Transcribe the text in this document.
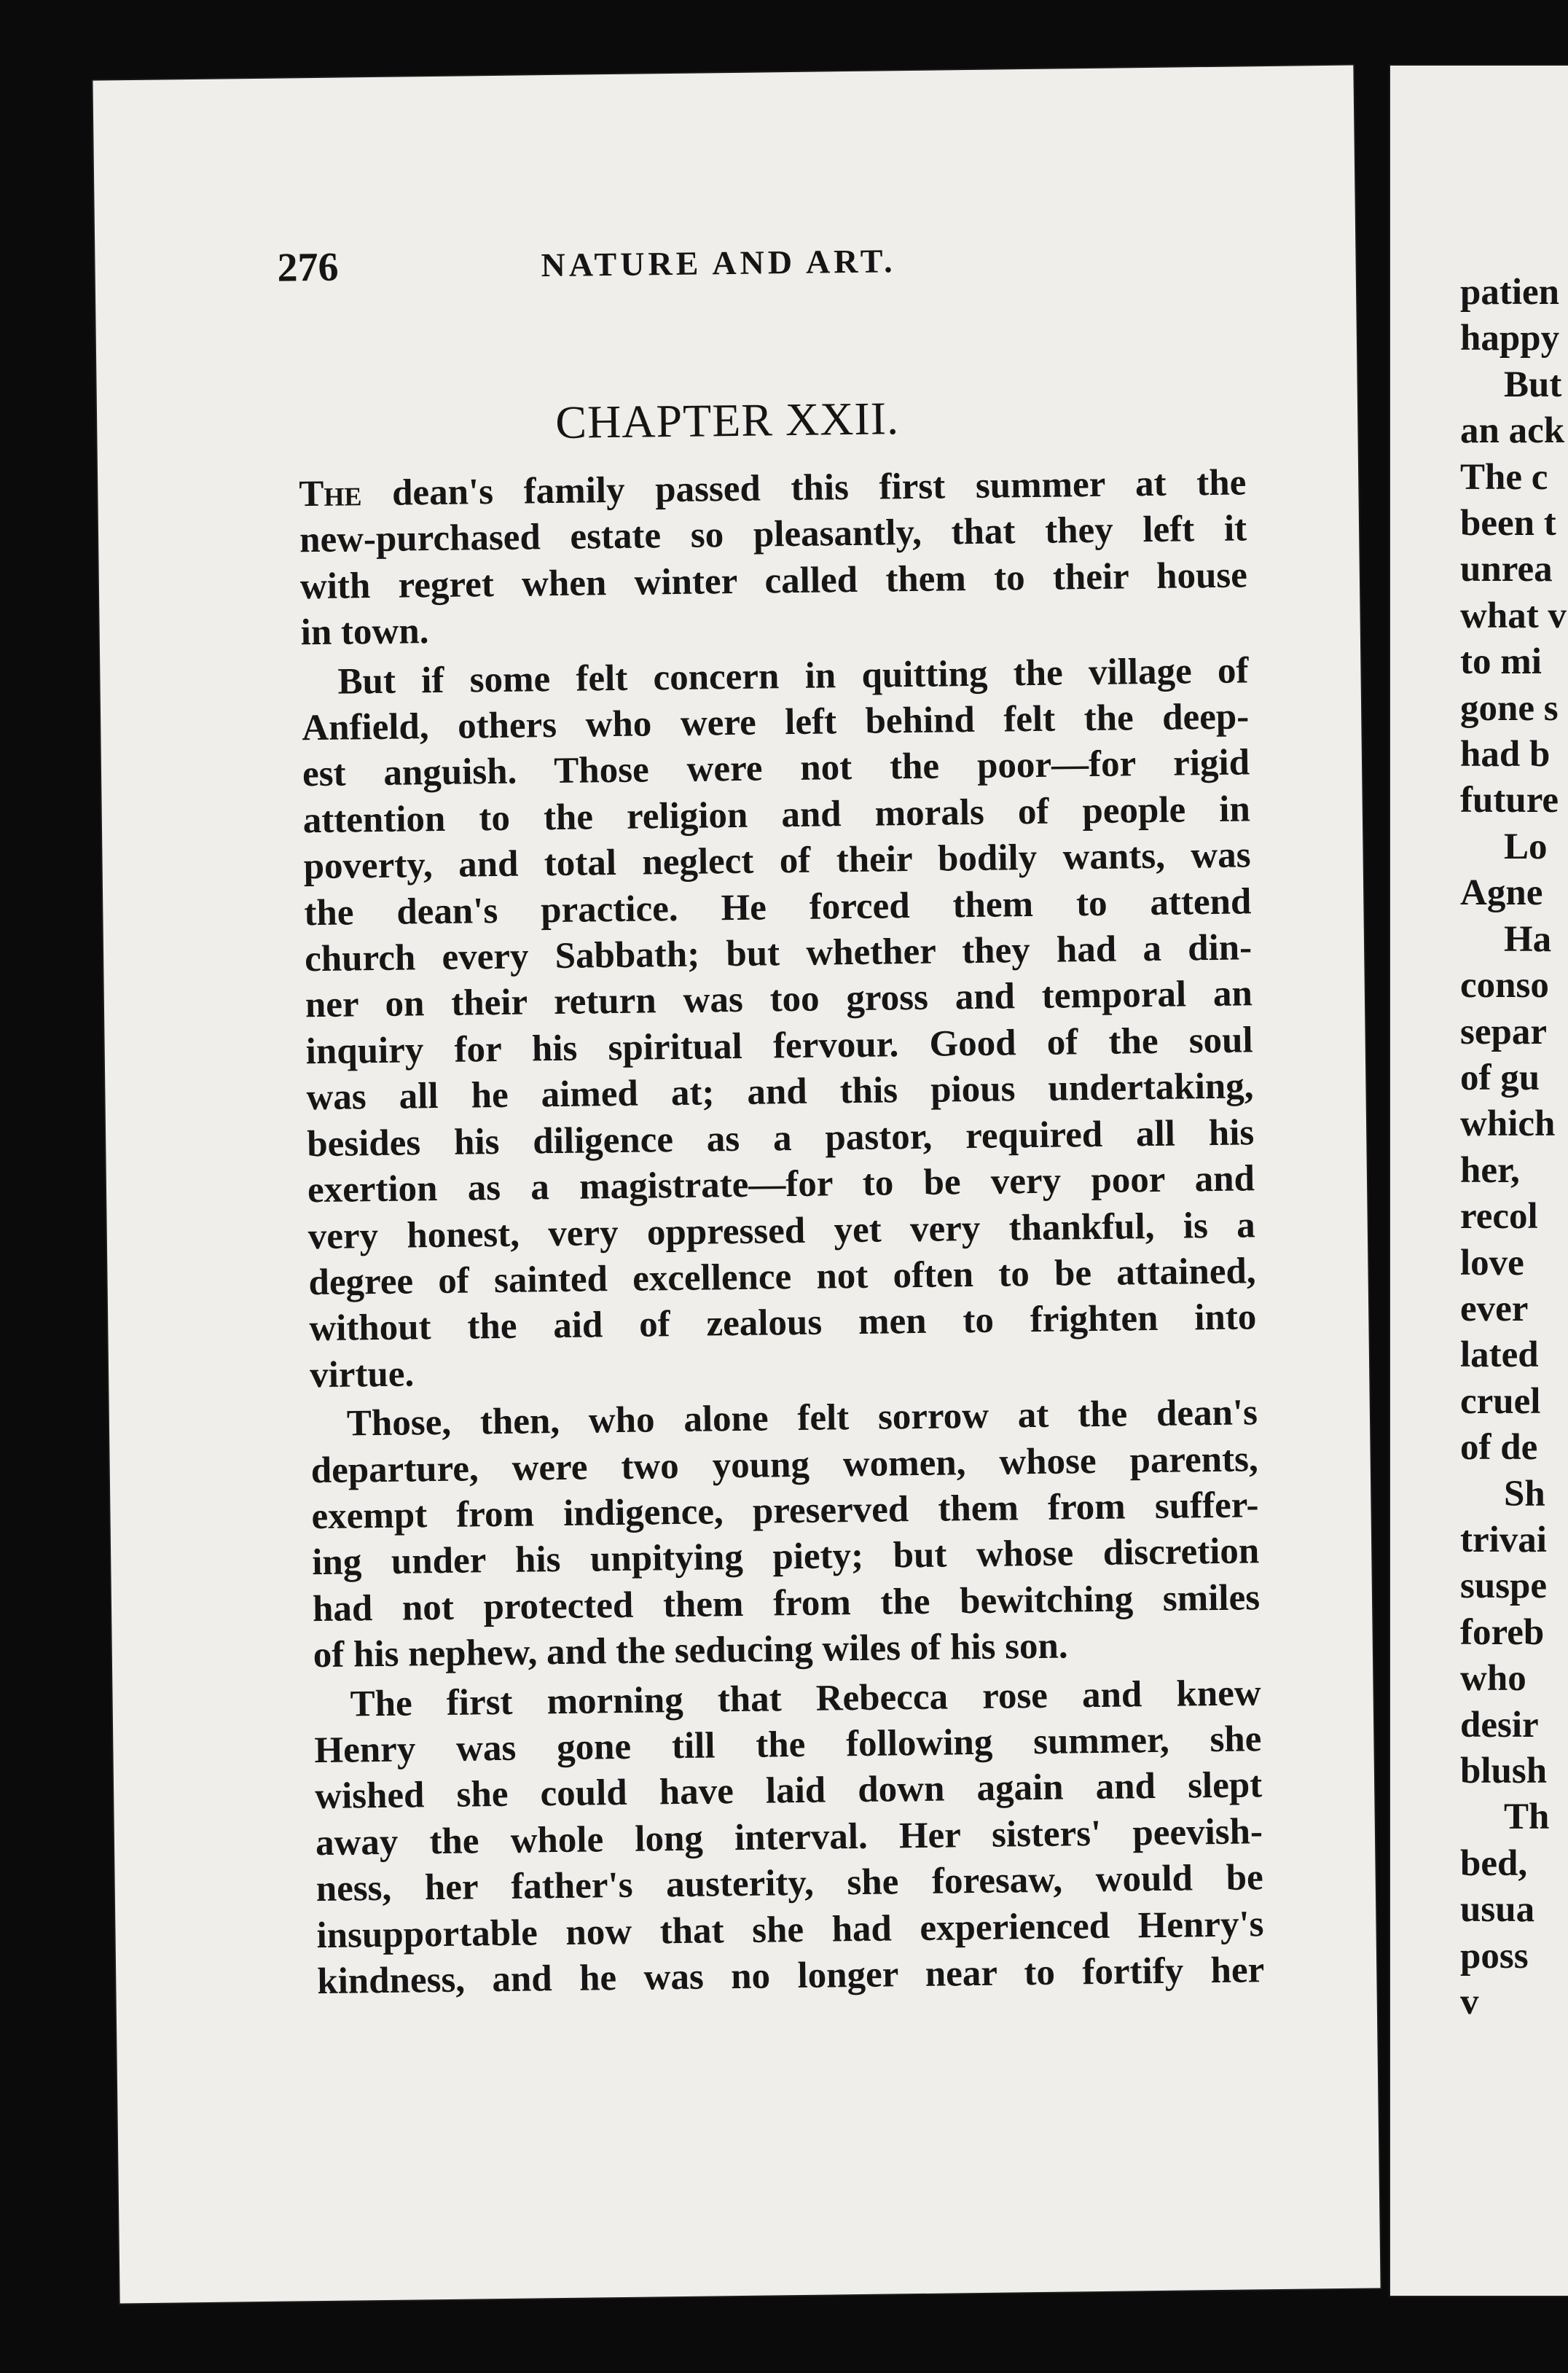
276	NATURE AND ART.
CHAPTER XXII.
The dean's family passed this first summer at the
new-purchased estate so pleasantly, that they left it
with regret when winter called them to their house
in town.
But if some felt concern in quitting the village of
Anfield, others who were left behind felt the deep-
est anguish. Those were not the poor—for rigid
attention to the religion and morals of people in
poverty, and total neglect of their bodily wants, was
the dean's practice. He forced them to attend
church every Sabbath; but whether they had a din-
ner on their return was too gross and temporal an
inquiry for his spiritual fervour. Good of the soul
was all he aimed at; and this pious undertaking,
besides his diligence as a pastor, required all his
exertion as a magistrate—for to be very poor and
very honest, very oppressed yet very thankful, is a
degree of sainted excellence not often to be attained,
without the aid of zealous men to frighten into
virtue.
Those, then, who alone felt sorrow at the dean's
departure, were two young women, whose parents,
exempt from indigence, preserved them from suffer-
ing under his unpitying piety; but whose discretion
had not protected them from the bewitching smiles
of his nephew, and the seducing wiles of his son.
The first morning that Rebecca rose and knew
Henry was gone till the following summer, she
wished she could have laid down again and slept
away the whole long interval. Her sisters' peevish-
ness, her father's austerity, she foresaw, would be
insupportable now that she had experienced Henry's
kindness, and he was no longer near to fortify her
patien
happy
But
an ack
The c
been t
unrea
what v
to mi
gone s
had b
future
Lo
Agne
Ha
conso
separ
of gu
which
her,
recol
love
ever
lated
cruel
of de
Sh
trivai
suspe
foreb
who
desir
blush
Th
bed,
usua
poss
v
